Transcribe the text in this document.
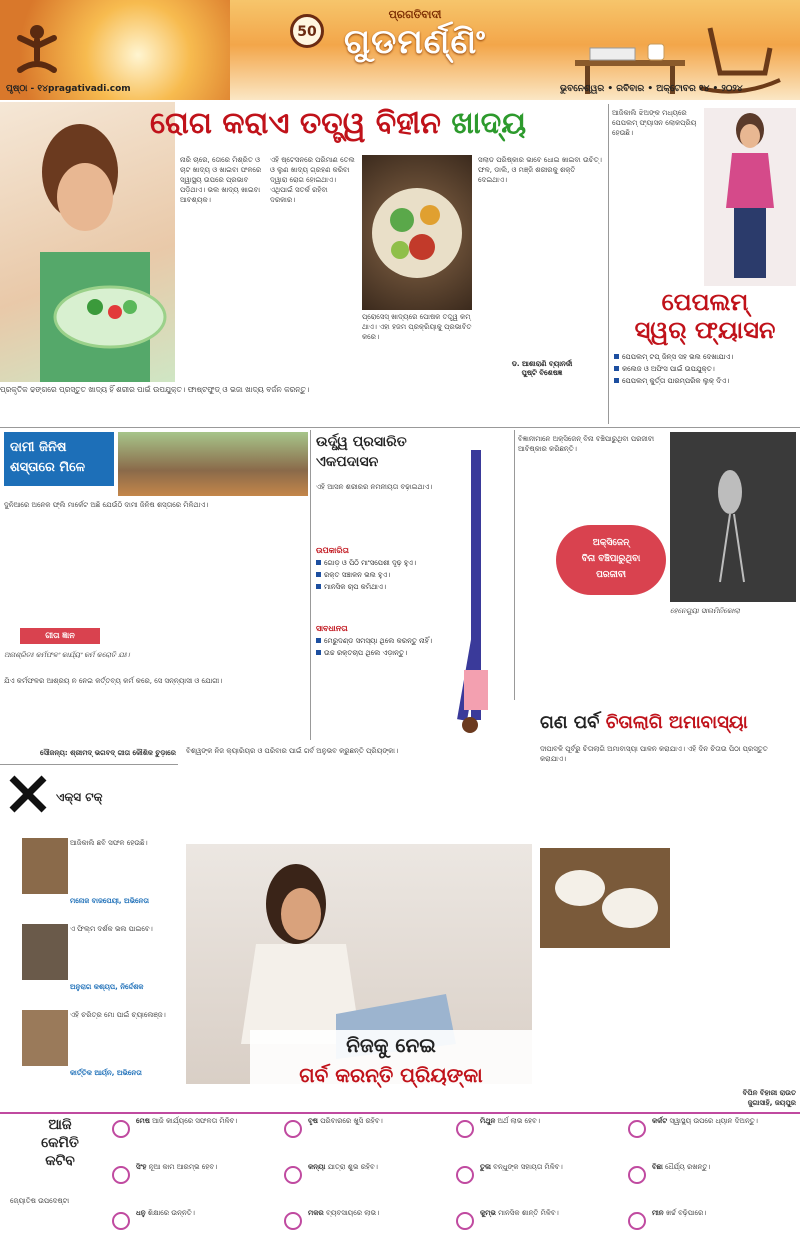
50
ପ୍ରଗତିବାଦୀ
ଗୁଡମର୍ଣ୍ଣିଂ
ପୃଷ୍ଠା - ୧୪ pragativadi.com	ଭୁବନେଶ୍ୱର • ରବିବାର • ଅକ୍ଟୋବର ୧୪ • ୨୦୨୪
ରୋଗ କରାଏ ତତ୍ତ୍ୱ ବିହୀନ ଖାଦ୍ୟ
ନାରି ଚାରେ, ତୋରେ ମିଶ୍ରିତ ଓ ଚାଟ ଖାଦ୍ୟ ଓ ଖାଇବା ଫଳରେ ସ୍ୱାସ୍ଥ୍ୟ ଉପରେ ପ୍ରଭାବ ପଡ଼ିଥାଏ। ଭଲ ଖାଦ୍ୟ ଖାଇବା ଆବଶ୍ୟକ।
ଏହି ଷ୍ଟେସନରେ ପରିମାଣ ତେଲ ଓ ଲୁଣ ଖାଦ୍ୟ ଗ୍ରହଣ କରିବା ଦ୍ୱାରା ରୋଗ ହୋଇଥାଏ। ଏଥିପାଇଁ ସତର୍କ ରହିବା ଦରକାର।
ପ୍ରୋସେସ୍ ଖାଦ୍ୟରେ ପୋଷକ ତତ୍ତ୍ୱ କମ୍ ଥାଏ। ଏହା ହଜମ ପ୍ରକ୍ରିୟାକୁ ପ୍ରଭାବିତ କରେ।
ସଲାଡ ପରିଷ୍କାର ଭାବେ ଧୋଇ ଖାଇବା ଉଚିତ୍। ଫଳ, ଡାଲି, ଓ ମଞ୍ଜି ଶରୀରକୁ ଶକ୍ତି ଦେଇଥାଏ।
ଡ. ଆଶାରାଣି ବ୍ୟାନର୍ଜୀ
ପୁଷ୍ଟି ବିଶେଷଜ୍ଞ
ପ୍ରକୃତିକ ଢଙ୍ଗରେ ପ୍ରସ୍ତୁତ ଖାଦ୍ୟ ହିଁ ଶରୀର ପାଇଁ ଉପଯୁକ୍ତ। ଫାଷ୍ଟଫୁଡ୍ ଓ ଭଜା ଖାଦ୍ୟ ବର୍ଜନ କରନ୍ତୁ।
ଆଜିକାଲି ଝିଅଙ୍କ ମଧ୍ୟରେ ପେପଲମ୍ ଫ୍ୟାସନ ଲୋକପ୍ରିୟ ହେଉଛି।
ପେପଲମ୍
ସ୍ୱର୍ ଫ୍ୟାସନ
ପେପଲମ୍ ଟପ୍ ଜିନ୍ସ ସହ ଭଲ ଦେଖାଯାଏ।
କଲେଜ ଓ ଅଫିସ ପାଇଁ ଉପଯୁକ୍ତ।
ପେପଲମ୍ କୁର୍ତ୍ତା ପାରମ୍ପରିକ ଲୁକ୍ ଦିଏ।
ଦାମୀ ଜିନିଷ
ଶସ୍ତାରେ ମିଳେ
ଦୁନିଆରେ ଅନେକ ଫ୍ଲି ମାର୍କେଟ ଅଛି ଯେଉଁଠି ଦାମୀ ଜିନିଷ ଶସ୍ତାରେ ମିଳିଥାଏ।
ଗୀତା ଜ୍ଞାନ
ଅନାଶ୍ରିତଃ କର୍ମଫଳଂ କାର୍ଯ୍ୟଂ କର୍ମ କରୋତି ଯଃ।
ଯିଏ କର୍ମଫଳର ଆଶ୍ରୟ ନ ନେଇ କର୍ତ୍ତବ୍ୟ କର୍ମ କରେ, ସେ ସନ୍ନ୍ୟାସୀ ଓ ଯୋଗୀ।
ସୌଜନ୍ୟ: ଶ୍ରୀମଦ୍ ଭଗବଦ୍ ଗୀତା କୌଶିକ ଚୁଡ଼ାରେ
ଉର୍ଦ୍ଧ୍ୱ ପ୍ରସାରିତ
ଏକପଦାସନ
ଏହି ଆସନ ଶରୀରର ନମନୀୟତା ବଢ଼ାଇଥାଏ।
ଉପକାରିତା
ଗୋଡ଼ ଓ ପିଠି ମାଂସପେଶୀ ଦୃଢ଼ ହୁଏ।
ରକ୍ତ ସଞ୍ଚାଳନ ଭଲ ହୁଏ।
ମାନସିକ ଚାପ କମିଥାଏ।
ସାବଧାନତା
ମେରୁଦଣ୍ଡ ସମସ୍ୟା ଥିଲେ କରନ୍ତୁ ନାହିଁ।
ଉଚ୍ଚ ରକ୍ତଚାପ ଥିଲେ ଏଡ଼ାନ୍ତୁ।
ବିଜ୍ଞାନୀମାନେ ଅକ୍ସିଜେନ୍ ବିନା ବଞ୍ଚିପାରୁଥିବା ପରଜୀବୀ ଆବିଷ୍କାର କରିଛନ୍ତି।
ଅକ୍ସିଜେନ୍
ବିନା ବଞ୍ଚିପାରୁଥିବା
ପରଜୀବୀ
ହେନେଗୁୟା ସାଲମିନିକୋଲା
ଗଣ ପର୍ବ ଚିତାଲାଗି ଅମାବାସ୍ୟା
ଦୀପାବଳି ପୂର୍ବରୁ ଚିତାଲାଗି ଅମାବାସ୍ୟା ପାଳନ କରାଯାଏ। ଏହି ଦିନ ଚିତାଉ ପିଠା ପ୍ରସ୍ତୁତ କରାଯାଏ।
ବିପିନ ବିହାରୀ ରାଉତ
ଜୁଗାସାହି, ଜୟପୁର
ଏକ୍ସ ଟକ୍
ଆଜିକାଲି ଛବି ସଫଳ ହେଉଛି।
ମନୋଜ ବାଜପେୟୀ, ଅଭିନେତା
ଏ ଫିଲ୍ମ ଦର୍ଶକ ଭଲ ପାଇବେ।
ଅନୁରାଗ କଶ୍ୟପ, ନିର୍ଦ୍ଦେଶକ
ଏହି ଚରିତ୍ର ମୋ ପାଇଁ ଚ୍ୟାଲେଞ୍ଜ।
କାର୍ତ୍ତିକ ଆର୍ୟନ, ଅଭିନେତା
ବିଶ୍ୱଙ୍କ ନିଜ କ୍ୟାରିୟର ଓ ପରିବାର ପାଇଁ ଗର୍ବ ଅନୁଭବ କରୁଛନ୍ତି ପ୍ରିୟଙ୍କା।
ନିଜକୁ ନେଇ
ଗର୍ବ କରନ୍ତି ପ୍ରିୟଙ୍କା
ଆଜି
କେମିତି
କଟିବ
ଜ୍ୟୋତିଷ ଉପଦେଷ୍ଟା
ମେଷ ଆଜି କାର୍ଯ୍ୟରେ ସଫଳତା ମିଳିବ।	ବୃଷ ପରିବାରରେ ଖୁସି ରହିବ।	ମିଥୁନ ଅର୍ଥ ଲାଭ ହେବ।	କର୍କଟ ସ୍ୱାସ୍ଥ୍ୟ ଉପରେ ଧ୍ୟାନ ଦିଅନ୍ତୁ।
ସିଂହ ନୂଆ କାମ ଆରମ୍ଭ ହେବ।	କନ୍ୟା ଯାତ୍ରା ଶୁଭ ରହିବ।	ତୁଳା ବନ୍ଧୁଙ୍କ ସହାୟତା ମିଳିବ।	ବିଛା ଧୈର୍ଯ୍ୟ ରଖନ୍ତୁ।
ଧନୁ ଶିକ୍ଷାରେ ଉନ୍ନତି।	ମକର ବ୍ୟବସାୟରେ ଲାଭ।	କୁମ୍ଭ ମାନସିକ ଶାନ୍ତି ମିଳିବ।	ମୀନ ଖର୍ଚ୍ଚ ବଢ଼ିପାରେ।
